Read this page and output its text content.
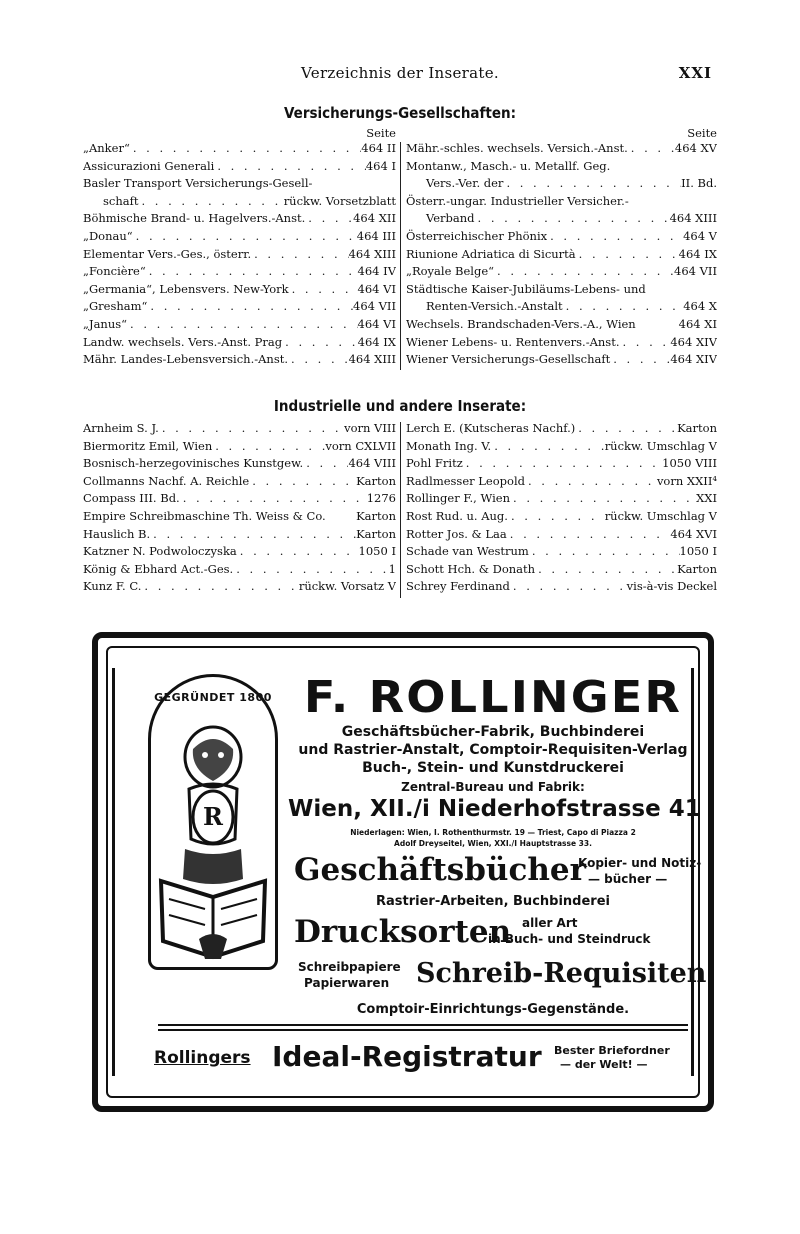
Verzeichnis der Inserate.	XXI
Versicherungs-Gesellschaften:
Seite
„Anker“ . . .	464 II
Assicurazioni Generali . . .	464 I
Basler Transport Versicherungs-Gesell-
schaft . . .	rückw. Vorsetzblatt
Böhmische Brand- u. Hagelvers.-Anst. . . .	464 XII
„Donau“ . . .	464 III
Elementar Vers.-Ges., österr. . . .	464 XIII
„Foncière“ . . .	464 IV
„Germania“, Lebensvers. New-York . . .	464 VI
„Gresham“ . . .	464 VII
„Janus“ . . .	464 VI
Landw. wechsels. Vers.-Anst. Prag . . .	464 IX
Mähr. Landes-Lebensversich.-Anst. . . .	464 XIII
Seite
Mähr.-schles. wechsels. Versich.-Anst. . . .	464 XV
Montanw., Masch.- u. Metallf. Geg.
Vers.-Ver. der . . .	II. Bd.
Österr.-ungar. Industrieller Versicher.-
Verband . . .	464 XIII
Österreichischer Phönix . . .	464 V
Riunione Adriatica di Sicurtà . . .	464 IX
„Royale Belge“ . . .	464 VII
Städtische Kaiser-Jubiläums-Lebens- und
Renten-Versich.-Anstalt . . .	464 X
Wechsels. Brandschaden-Vers.-A., Wien	464 XI
Wiener Lebens- u. Rentenvers.-Anst. . . .	464 XIV
Wiener Versicherungs-Gesellschaft . . .	464 XIV
Industrielle und andere Inserate:
Arnheim S. J. . . .	vorn VIII
Biermoritz Emil, Wien . . .	vorn CXLVII
Bosnisch-herzegovinisches Kunstgew. . . .	464 VIII
Collmanns Nachf. A. Reichle . . .	Karton
Compass III. Bd. . . .	1276
Empire Schreibmaschine Th. Weiss & Co.	Karton
Hauslich B. . . .	Karton
Katzner N. Podwoloczyska . . .	1050 I
König & Ebhard Act.-Ges. . . .	1
Kunz F. C. . . .	rückw. Vorsatz V
Lerch E. (Kutscheras Nachf.) . . .	Karton
Monath Ing. V. . . .	rückw. Umschlag V
Pohl Fritz . . .	1050 VIII
Radlmesser Leopold . . .	vorn XXII⁴
Rollinger F., Wien . . .	XXI
Rost Rud. u. Aug. . . .	rückw. Umschlag V
Rotter Jos. & Laa . . .	464 XVI
Schade van Westrum . . .	1050 I
Schott Hch. & Donath . . .	Karton
Schrey Ferdinand . . .	vis-à-vis Deckel
GEGRÜNDET 1800
R
F. ROLLINGER
Geschäftsbücher-Fabrik, Buchbinderei
und Rastrier-Anstalt, Comptoir-Requisiten-Verlag
Buch-, Stein- und Kunstdruckerei
Zentral-Bureau und Fabrik:
Wien, XII./i Niederhofstrasse 41
Niederlagen: Wien, I. Rothenthurmstr. 19 — Triest, Capo di Piazza 2
Adolf Dreyseitel, Wien, XXI./I Hauptstrasse 33.
Geschäftsbücher
Kopier- und Notiz-
— bücher —
Rastrier-Arbeiten, Buchbinderei
Drucksorten aller Art
in Buch- und Steindruck
Schreibpapiere
Papierwaren Schreib-Requisiten
Comptoir-Einrichtungs-Gegenstände.
Rollingers Ideal-Registratur Bester Briefordner
— der Welt! —
